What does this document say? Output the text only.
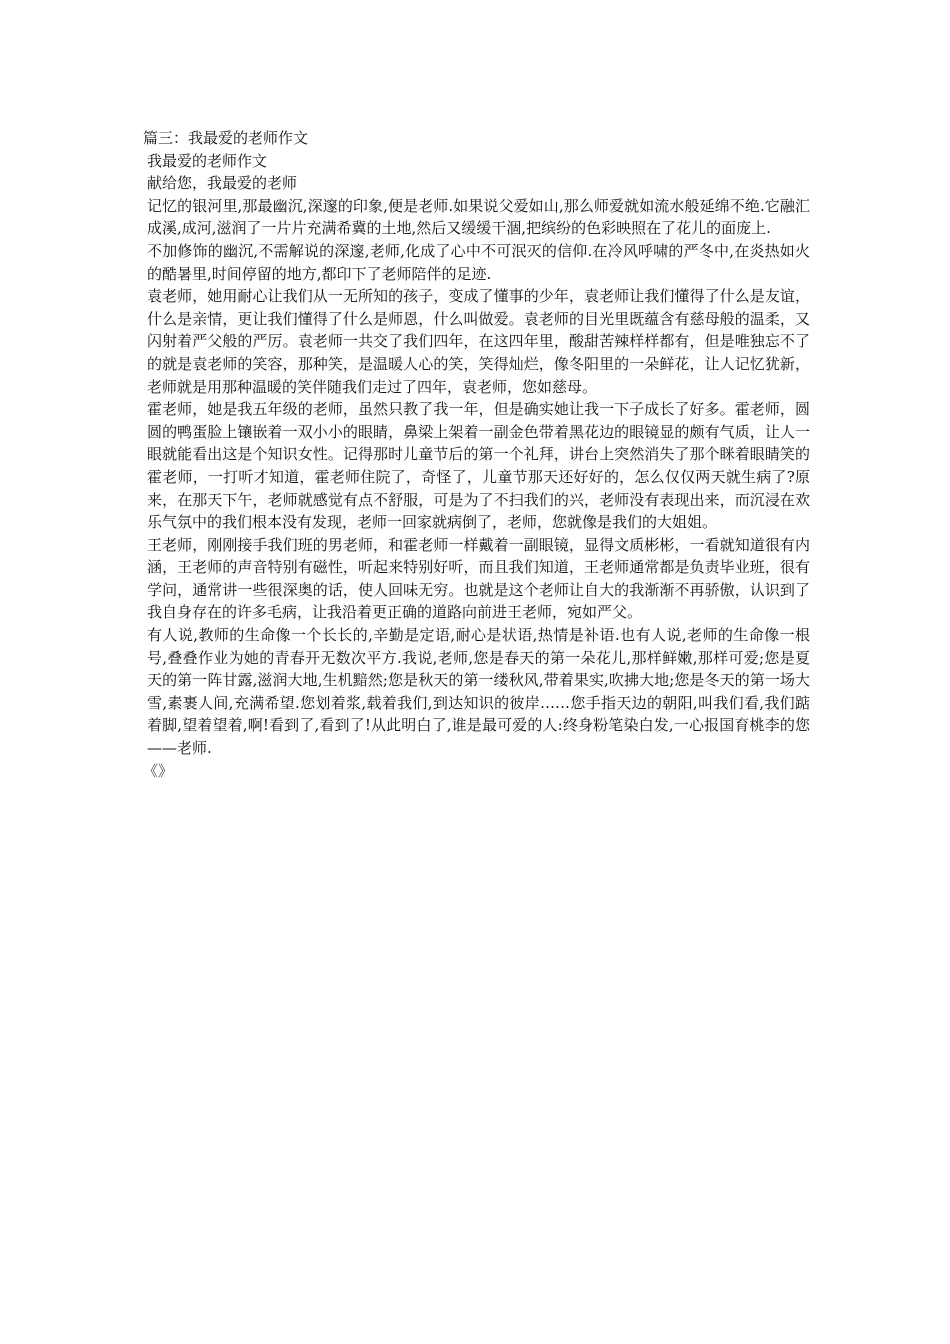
篇三：我最爱的老师作文

我最爱的老师作文

献给您，我最爱的老师

记忆的银河里,那最幽沉,深邃的印象,便是老师.如果说父爱如山,那么师爱就如流水般延绵不绝.它融汇成溪,成河,滋润了一片片充满希冀的土地,然后又缓缓干涸,把缤纷的色彩映照在了花儿的面庞上.

不加修饰的幽沉,不需解说的深邃,老师,化成了心中不可泯灭的信仰.在冷风呼啸的严冬中,在炎热如火的酷暑里,时间停留的地方,都印下了老师陪伴的足迹.

袁老师，她用耐心让我们从一无所知的孩子，变成了懂事的少年，袁老师让我们懂得了什么是友谊，什么是亲情，更让我们懂得了什么是师恩，什么叫做爱。袁老师的目光里既蕴含有慈母般的温柔，又闪射着严父般的严厉。袁老师一共交了我们四年，在这四年里，酸甜苦辣样样都有，但是唯独忘不了的就是袁老师的笑容，那种笑，是温暖人心的笑，笑得灿烂，像冬阳里的一朵鲜花，让人记忆犹新，老师就是用那种温暖的笑伴随我们走过了四年，袁老师，您如慈母。

霍老师，她是我五年级的老师，虽然只教了我一年，但是确实她让我一下子成长了好多。霍老师，圆圆的鸭蛋脸上镶嵌着一双小小的眼睛，鼻梁上架着一副金色带着黑花边的眼镜显的颇有气质，让人一眼就能看出这是个知识女性。记得那时儿童节后的第一个礼拜，讲台上突然消失了那个眯着眼睛笑的霍老师，一打听才知道，霍老师住院了，奇怪了，儿童节那天还好好的，怎么仅仅两天就生病了?原来，在那天下午，老师就感觉有点不舒服，可是为了不扫我们的兴，老师没有表现出来，而沉浸在欢乐气氛中的我们根本没有发现，老师一回家就病倒了，老师，您就像是我们的大姐姐。

王老师，刚刚接手我们班的男老师，和霍老师一样戴着一副眼镜，显得文质彬彬，一看就知道很有内涵，王老师的声音特别有磁性，听起来特别好听，而且我们知道，王老师通常都是负责毕业班，很有学问，通常讲一些很深奥的话，使人回味无穷。也就是这个老师让自大的我渐渐不再骄傲，认识到了我自身存在的许多毛病，让我沿着更正确的道路向前进王老师，宛如严父。

有人说,教师的生命像一个长长的,辛勤是定语,耐心是状语,热情是补语.也有人说,老师的生命像一根号,叠叠作业为她的青春开无数次平方.我说,老师,您是春天的第一朵花儿,那样鲜嫩,那样可爱;您是夏天的第一阵甘露,滋润大地,生机黯然;您是秋天的第一缕秋风,带着果实,吹拂大地;您是冬天的第一场大雪,素裹人间,充满希望.您划着浆,载着我们,到达知识的彼岸……您手指天边的朝阳,叫我们看,我们踮着脚,望着望着,啊!看到了,看到了!从此明白了,谁是最可爱的人:终身粉笔染白发,一心报国育桃李的您——老师.

《》
